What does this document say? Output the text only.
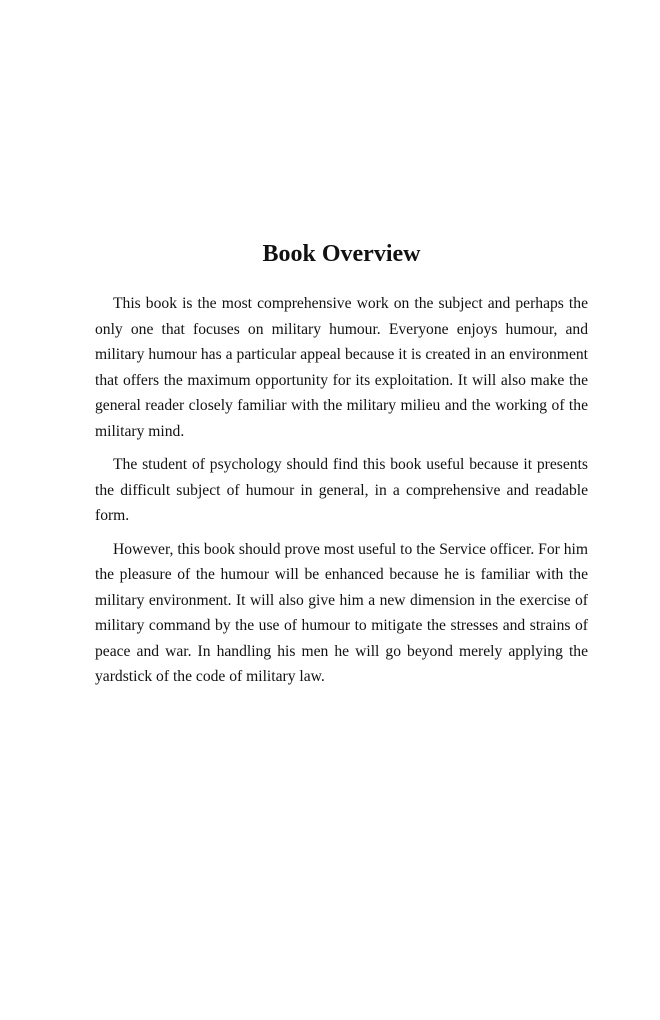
Book Overview

This book is the most comprehensive work on the subject and perhaps the only one that focuses on military humour. Everyone enjoys humour, and military humour has a particular appeal because it is created in an environment that offers the maximum opportunity for its exploitation. It will also make the general reader closely familiar with the military milieu and the working of the military mind.

The student of psychology should find this book useful because it presents the difficult subject of humour in general, in a comprehensive and readable form.

However, this book should prove most useful to the Service officer. For him the pleasure of the humour will be enhanced because he is familiar with the military environment. It will also give him a new dimension in the exercise of military command by the use of humour to mitigate the stresses and strains of peace and war. In handling his men he will go beyond merely applying the yardstick of the code of military law.
